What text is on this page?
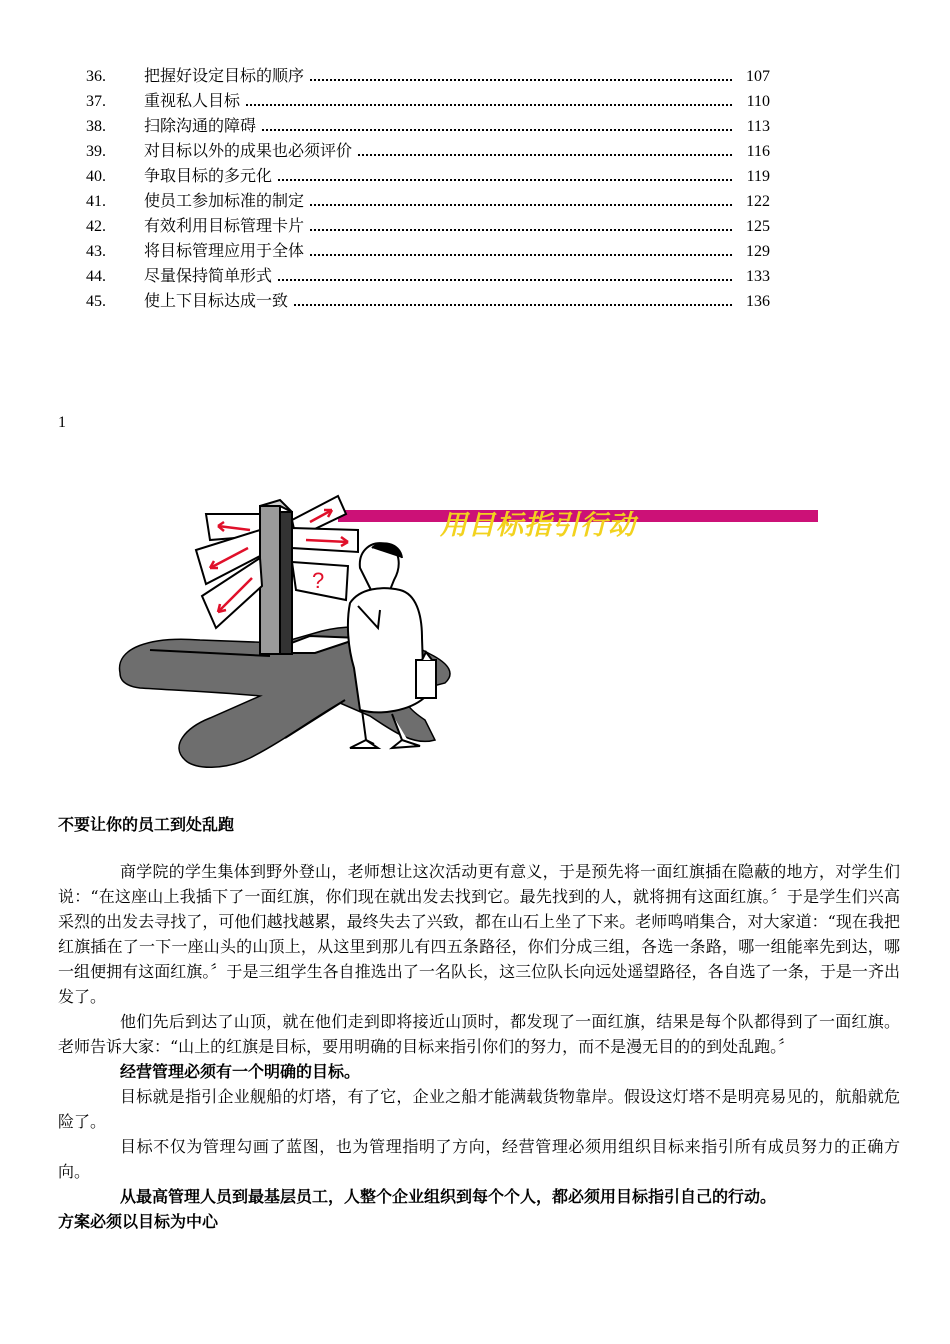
36.	把握好设定目标的顺序	107
37.	重视私人目标	110
38.	扫除沟通的障碍	113
39.	对目标以外的成果也必须评价	116
40.	争取目标的多元化	119
41.	使员工参加标准的制定	122
42.	有效利用目标管理卡片	125
43.	将目标管理应用于全体	129
44.	尽量保持简单形式	133
45.	使上下目标达成一致	136
1
?
用目标指引行动

不要让你的员工到处乱跑

商学院的学生集体到野外登山，老师想让这次活动更有意义，于是预先将一面红旗插在隐蔽的地方，对学生们说：“在这座山上我插下了一面红旗，你们现在就出发去找到它。最先找到的人，就将拥有这面红旗。〞于是学生们兴高采烈的出发去寻找了，可他们越找越累，最终失去了兴致，都在山石上坐了下来。老师鸣哨集合，对大家道：“现在我把红旗插在了一下一座山头的山顶上，从这里到那儿有四五条路径，你们分成三组，各选一条路，哪一组能率先到达，哪一组便拥有这面红旗。〞于是三组学生各自推选出了一名队长，这三位队长向远处遥望路径，各自选了一条，于是一齐出发了。

他们先后到达了山顶，就在他们走到即将接近山顶时，都发现了一面红旗，结果是每个队都得到了一面红旗。老师告诉大家：“山上的红旗是目标，要用明确的目标来指引你们的努力，而不是漫无目的的到处乱跑。〞

经营管理必须有一个明确的目标。

目标就是指引企业舰船的灯塔，有了它，企业之船才能满载货物靠岸。假设这灯塔不是明亮易见的，航船就危险了。

目标不仅为管理勾画了蓝图，也为管理指明了方向，经营管理必须用组织目标来指引所有成员努力的正确方向。

从最高管理人员到最基层员工，人整个企业组织到每个个人，都必须用目标指引自己的行动。

方案必须以目标为中心
